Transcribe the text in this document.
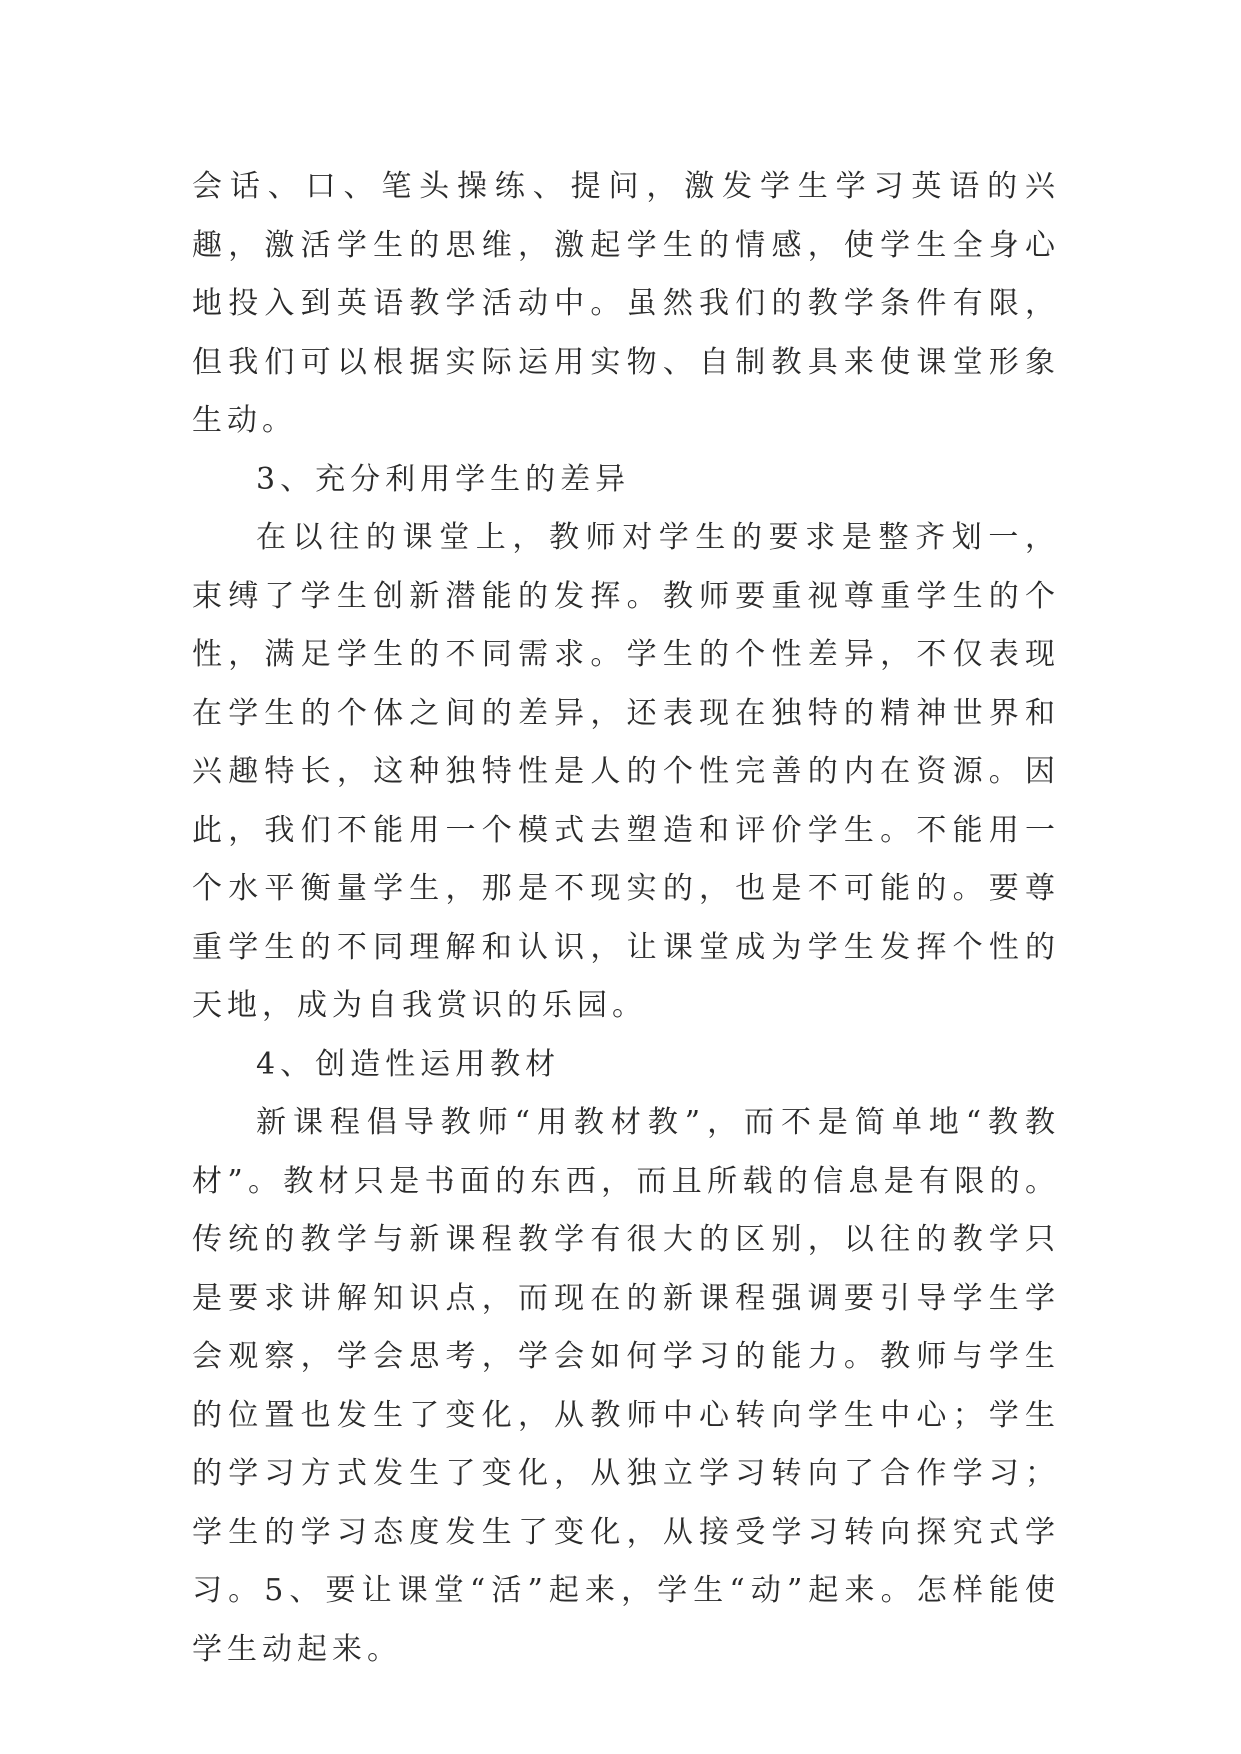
会话、口、笔头操练、提问，激发学生学习英语的兴趣，激活学生的思维，激起学生的情感，使学生全身心地投入到英语教学活动中。虽然我们的教学条件有限，但我们可以根据实际运用实物、自制教具来使课堂形象生动。

3、充分利用学生的差异

在以往的课堂上，教师对学生的要求是整齐划一，束缚了学生创新潜能的发挥。教师要重视尊重学生的个性，满足学生的不同需求。学生的个性差异，不仅表现在学生的个体之间的差异，还表现在独特的精神世界和兴趣特长，这种独特性是人的个性完善的内在资源。因此，我们不能用一个模式去塑造和评价学生。不能用一个水平衡量学生，那是不现实的，也是不可能的。要尊重学生的不同理解和认识，让课堂成为学生发挥个性的天地，成为自我赏识的乐园。

4、创造性运用教材

新课程倡导教师“用教材教”，而不是简单地“教教材”。教材只是书面的东西，而且所载的信息是有限的。传统的教学与新课程教学有很大的区别，以往的教学只是要求讲解知识点，而现在的新课程强调要引导学生学会观察，学会思考，学会如何学习的能力。教师与学生的位置也发生了变化，从教师中心转向学生中心；学生的学习方式发生了变化，从独立学习转向了合作学习；学生的学习态度发生了变化，从接受学习转向探究式学习。5、要让课堂“活”起来，学生“动”起来。怎样能使学生动起来。
